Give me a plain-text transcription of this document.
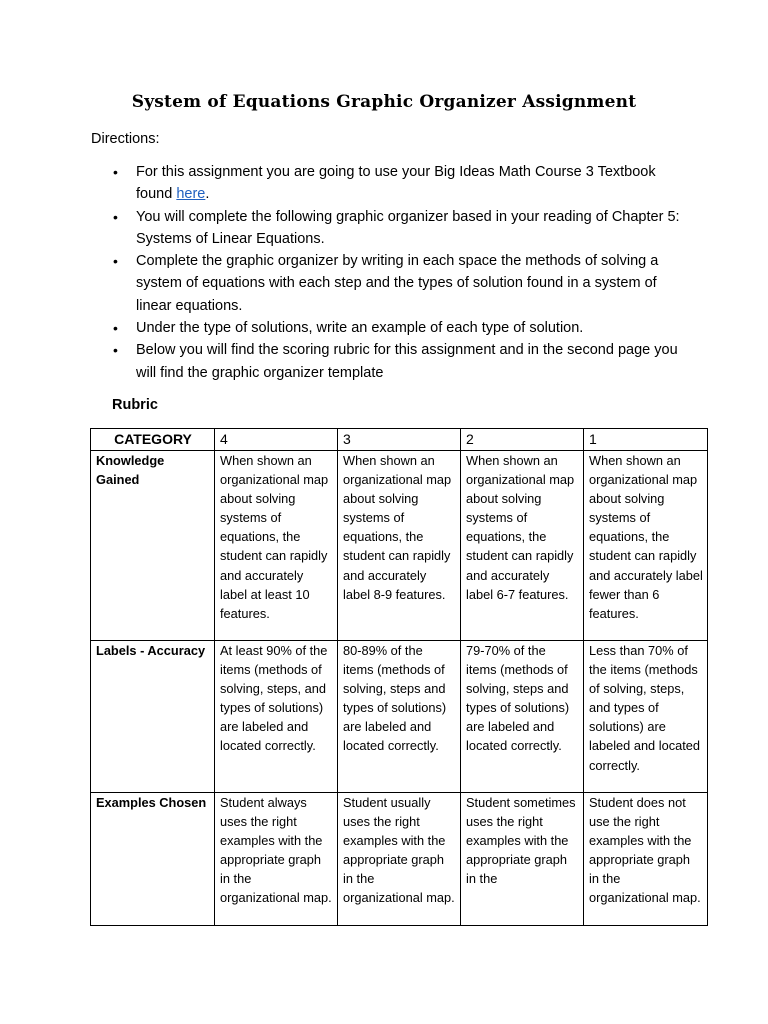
System of Equations Graphic Organizer Assignment
Directions:
• For this assignment you are going to use your Big Ideas Math Course 3 Textbook found here.
• You will complete the following graphic organizer based in your reading of Chapter 5: Systems of Linear Equations.
• Complete the graphic organizer by writing in each space the methods of solving a system of equations with each step and the types of solution found in a system of linear equations.
• Under the type of solutions, write an example of each type of solution.
• Below you will find the scoring rubric for this assignment and in the second page you will find the graphic organizer template
Rubric
CATEGORY	4	3	2	1
Knowledge Gained	When shown an organizational map about solving systems of equations, the student can rapidly and accurately label at least 10 features.	When shown an organizational map about solving systems of equations, the student can rapidly and accurately label 8-9 features.	When shown an organizational map about solving systems of equations, the student can rapidly and accurately label 6-7 features.	When shown an organizational map about solving systems of equations, the student can rapidly and accurately label fewer than 6 features.
Labels - Accuracy	At least 90% of the items (methods of solving, steps, and types of solutions) are labeled and located correctly.	80-89% of the items (methods of solving, steps and types of solutions) are labeled and located correctly.	79-70% of the items (methods of solving, steps and types of solutions) are labeled and located correctly.	Less than 70% of the items (methods of solving, steps, and types of solutions) are labeled and located correctly.
Examples Chosen	Student always uses the right examples with the appropriate graph in the organizational map.	Student usually uses the right examples with the appropriate graph in the organizational map.	Student sometimes uses the right examples with the appropriate graph in the	Student does not use the right examples with the appropriate graph in the organizational map.
